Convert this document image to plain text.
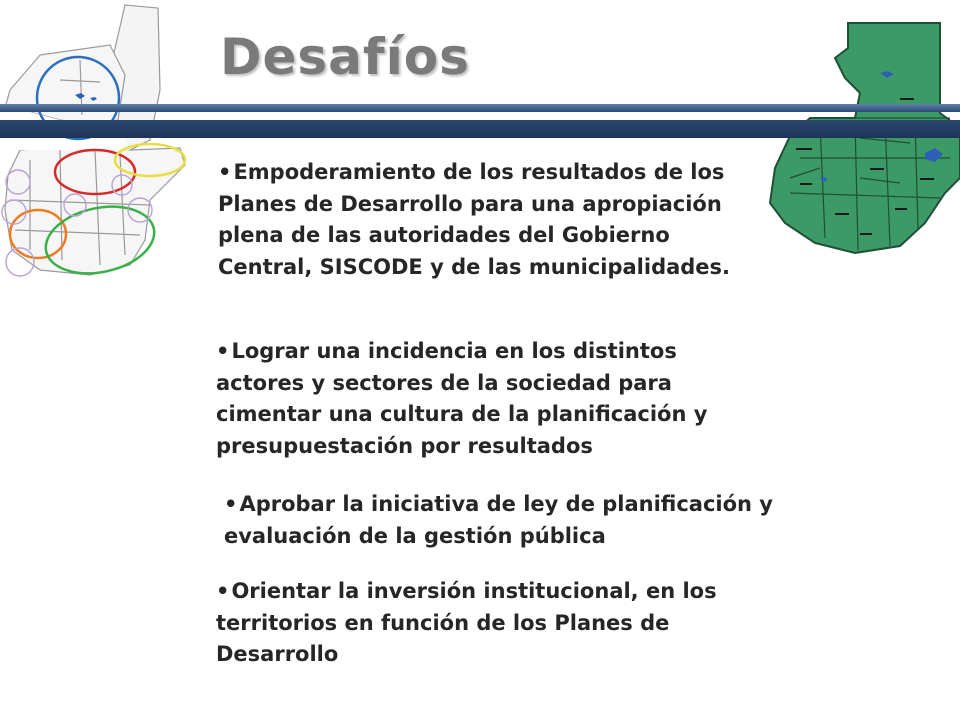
Desafíos
•Empoderamiento de los resultados de los Planes de Desarrollo para una apropiación plena de las autoridades del Gobierno Central, SISCODE y de las municipalidades.
•Lograr una incidencia en los distintos actores y sectores de la sociedad para cimentar una cultura de la planificación y presupuestación por resultados
•Aprobar la iniciativa de ley de planificación y evaluación de la gestión pública
•Orientar la inversión institucional, en los territorios en función de los Planes de Desarrollo
